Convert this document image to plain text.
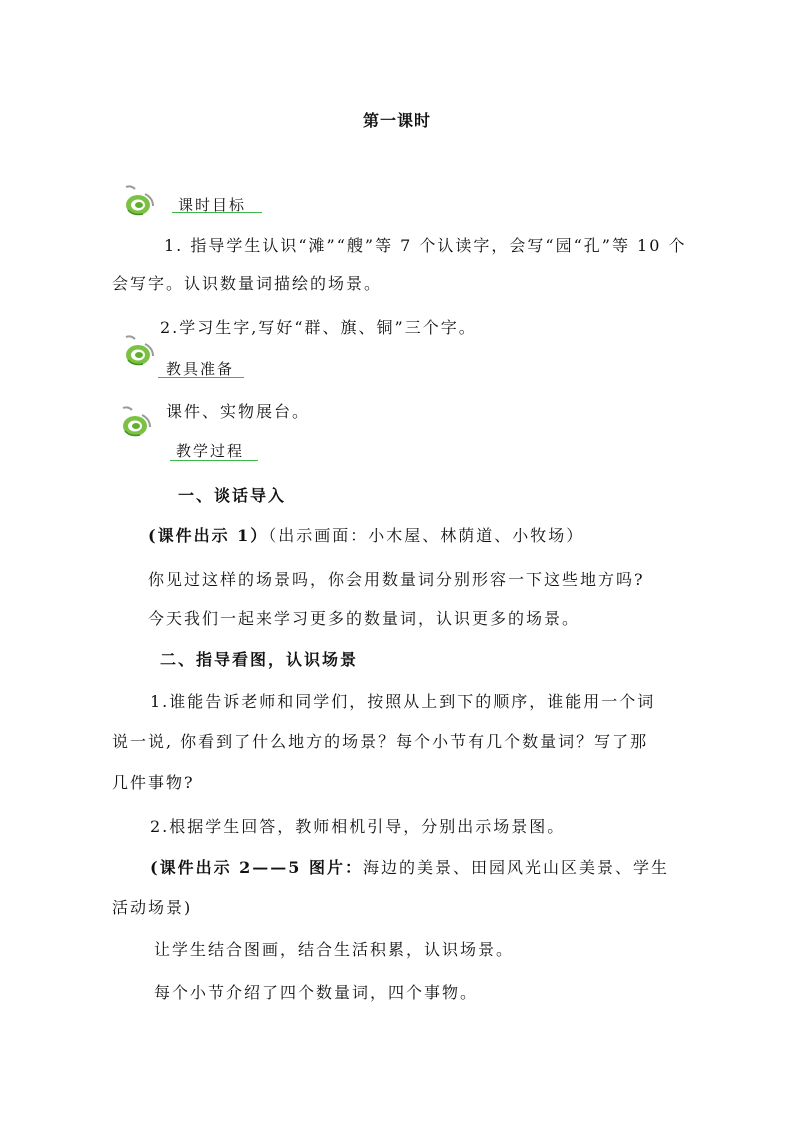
第一课时
课时目标
1. 指导学生认识“滩”“艘”等 7 个认读字，会写“园“孔”等 10 个
会写字。认识数量词描绘的场景。
2.学习生字,写好“群、旗、铜”三个字。
教具准备
课件、实物展台。
教学过程
一、谈话导入
(课件出示 1）（出示画面：小木屋、林荫道、小牧场）
你见过这样的场景吗，你会用数量词分别形容一下这些地方吗?
今天我们一起来学习更多的数量词，认识更多的场景。
二、指导看图，认识场景
1.谁能告诉老师和同学们，按照从上到下的顺序，谁能用一个词
说一说, 你看到了什么地方的场景？每个小节有几个数量词？写了那
几件事物?
2.根据学生回答，教师相机引导，分别出示场景图。
(课件出示 2——5 图片：海边的美景、田园风光山区美景、学生
活动场景)
让学生结合图画，结合生活积累，认识场景。
每个小节介绍了四个数量词，四个事物。
